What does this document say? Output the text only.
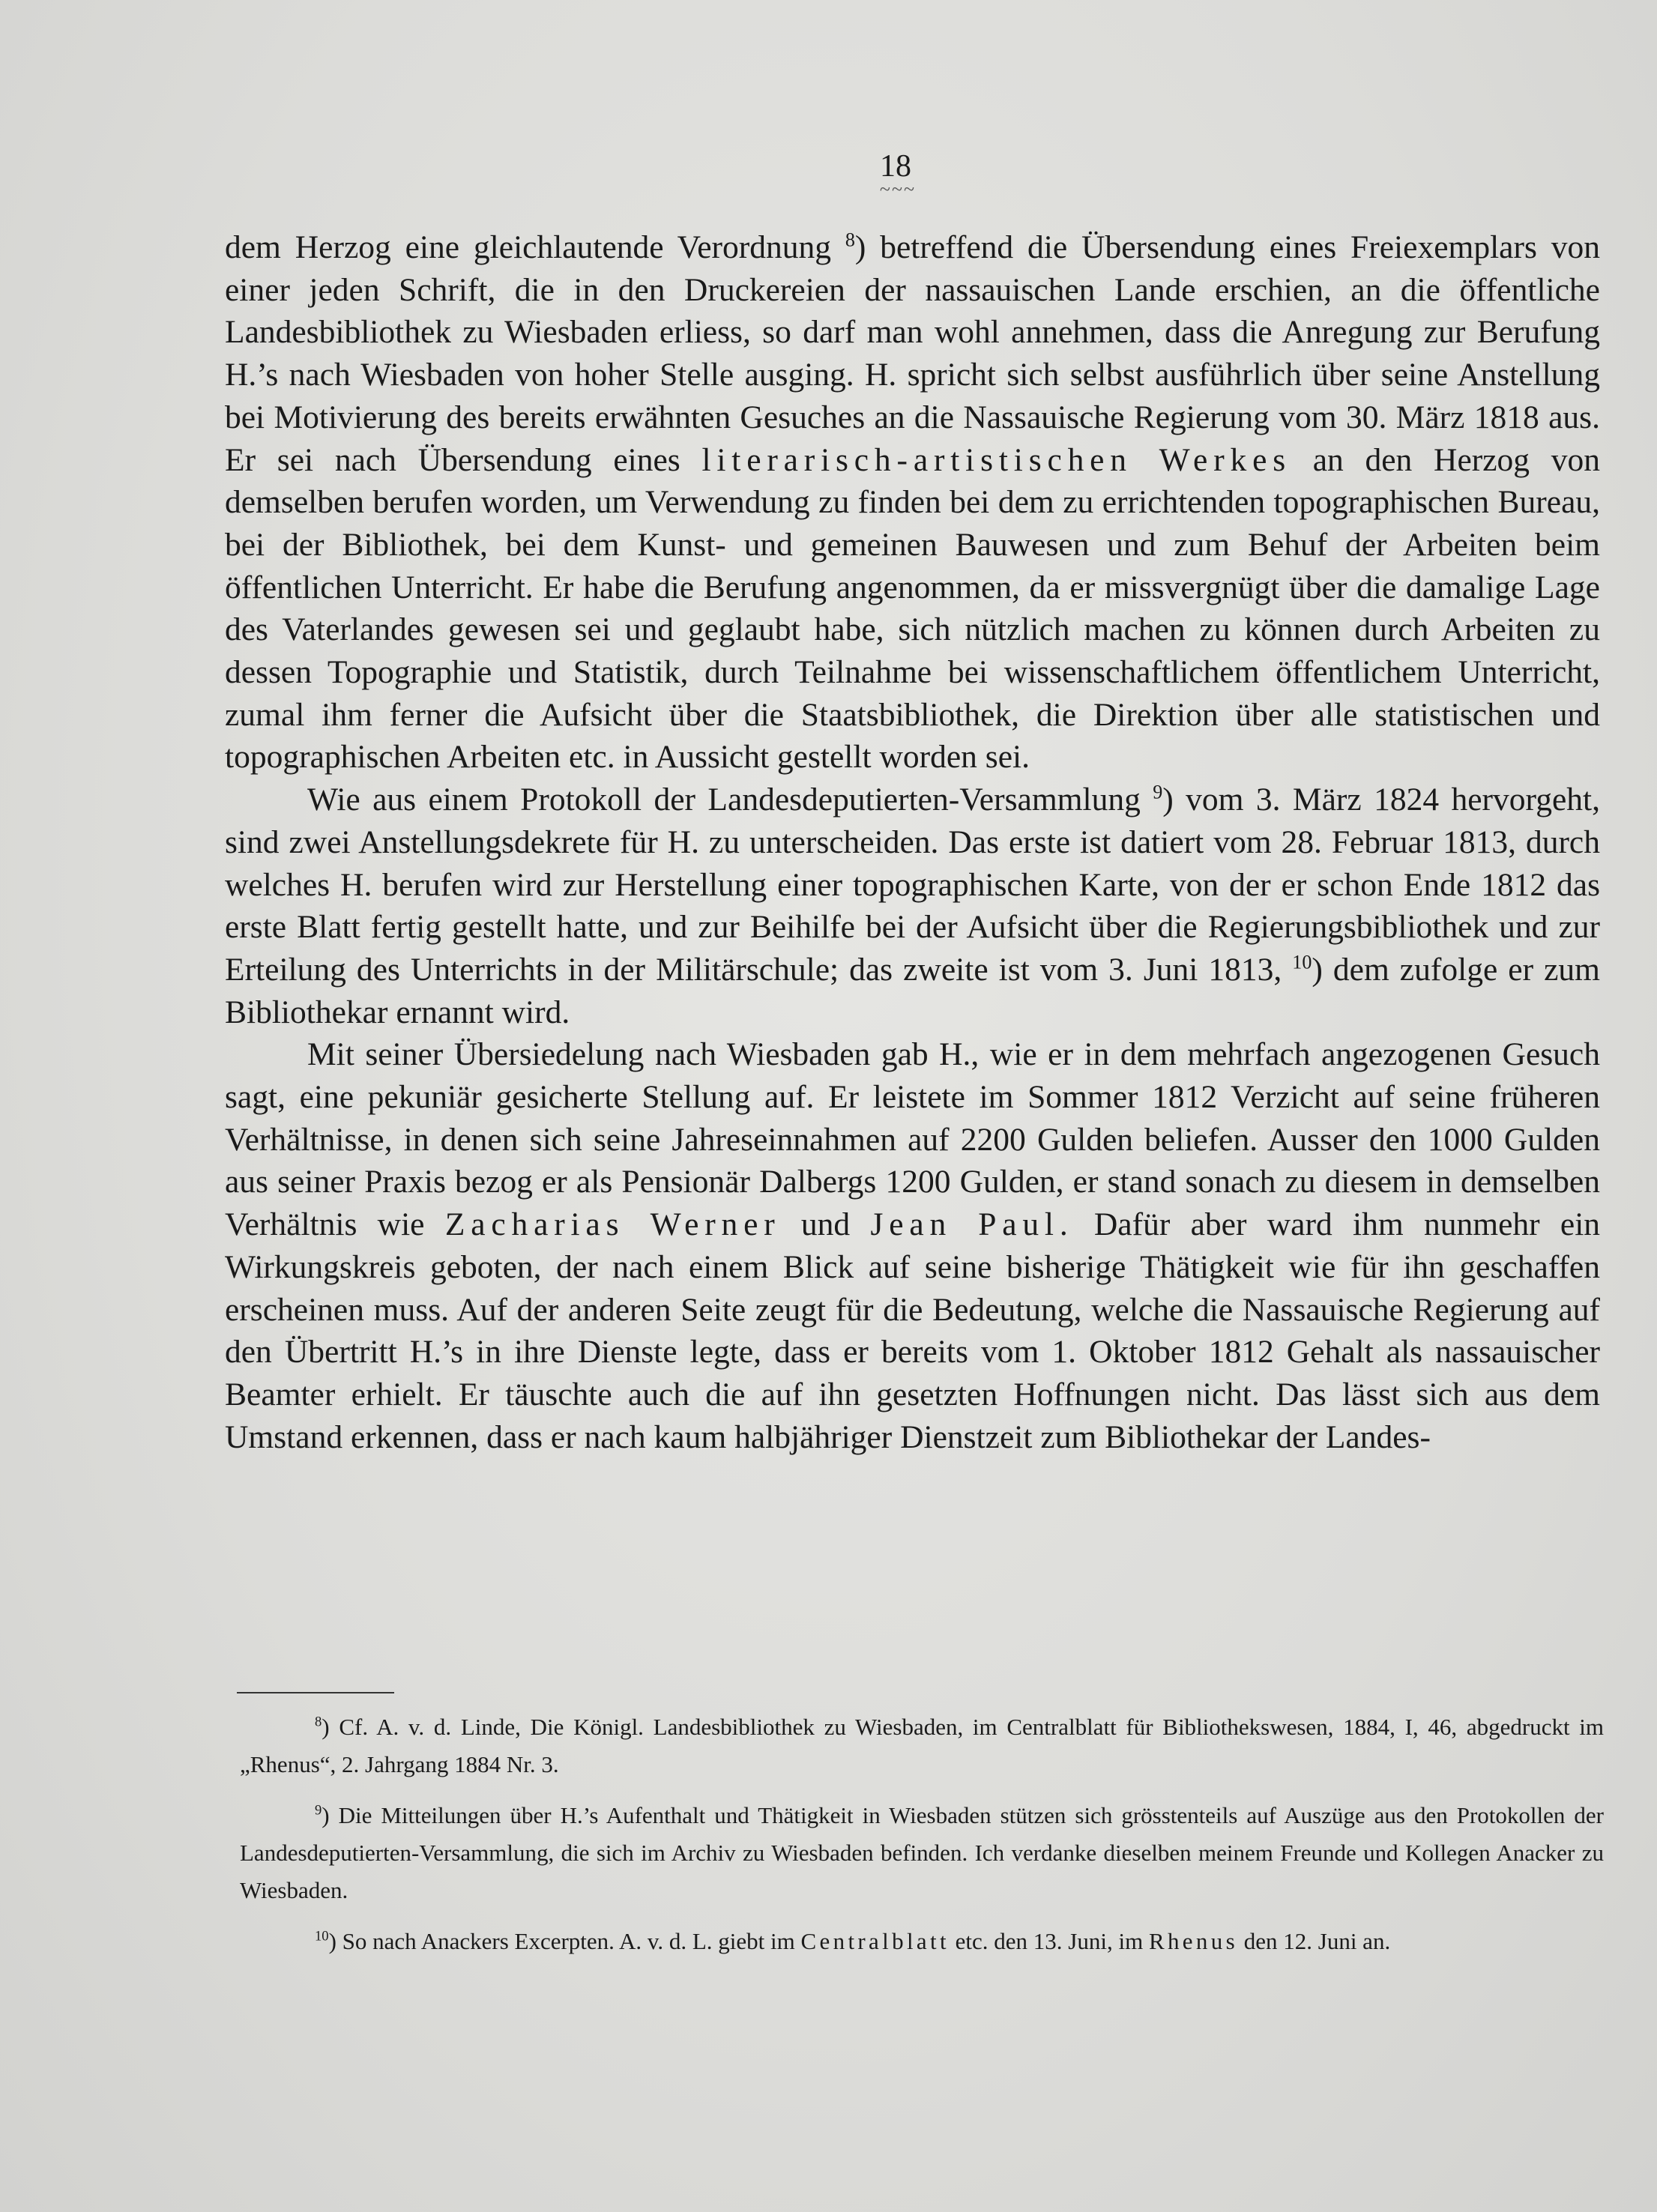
18
~~~

dem Herzog eine gleichlautende Verordnung $^8$) betreffend die Übersendung eines Freiexemplars von einer jeden Schrift, die in den Druckereien der nassauischen Lande erschien, an die öffentliche Landesbibliothek zu Wiesbaden erliess, so darf man wohl annehmen, dass die Anregung zur Berufung H.’s nach Wiesbaden von hoher Stelle ausging. H. spricht sich selbst ausführlich über seine Anstellung bei Motivierung des bereits erwähnten Gesuches an die Nassauische Regierung vom 30. März 1818 aus. Er sei nach Übersendung eines literarisch-artistischen Werkes an den Herzog von demselben berufen worden, um Verwendung zu finden bei dem zu errichtenden topographischen Bureau, bei der Bibliothek, bei dem Kunst- und gemeinen Bauwesen und zum Behuf der Arbeiten beim öffentlichen Unterricht. Er habe die Berufung angenommen, da er missvergnügt über die damalige Lage des Vaterlandes gewesen sei und geglaubt habe, sich nützlich machen zu können durch Arbeiten zu dessen Topographie und Statistik, durch Teilnahme bei wissenschaftlichem öffentlichem Unterricht, zumal ihm ferner die Aufsicht über die Staatsbibliothek, die Direktion über alle statistischen und topographischen Arbeiten etc. in Aussicht gestellt worden sei.

Wie aus einem Protokoll der Landesdeputierten-Versammlung $^9$) vom 3. März 1824 hervorgeht, sind zwei Anstellungsdekrete für H. zu unterscheiden. Das erste ist datiert vom 28. Februar 1813, durch welches H. berufen wird zur Herstellung einer topographischen Karte, von der er schon Ende 1812 das erste Blatt fertig gestellt hatte, und zur Beihilfe bei der Aufsicht über die Regierungsbibliothek und zur Erteilung des Unterrichts in der Militärschule; das zweite ist vom 3. Juni 1813, $^{10}$) dem zufolge er zum Bibliothekar ernannt wird.

Mit seiner Übersiedelung nach Wiesbaden gab H., wie er in dem mehrfach angezogenen Gesuch sagt, eine pekuniär gesicherte Stellung auf. Er leistete im Sommer 1812 Verzicht auf seine früheren Verhältnisse, in denen sich seine Jahreseinnahmen auf 2200 Gulden beliefen. Ausser den 1000 Gulden aus seiner Praxis bezog er als Pensionär Dalbergs 1200 Gulden, er stand sonach zu diesem in demselben Verhältnis wie Zacharias Werner und Jean Paul. Dafür aber ward ihm nunmehr ein Wirkungskreis geboten, der nach einem Blick auf seine bisherige Thätigkeit wie für ihn geschaffen erscheinen muss. Auf der anderen Seite zeugt für die Bedeutung, welche die Nassauische Regierung auf den Übertritt H.’s in ihre Dienste legte, dass er bereits vom 1. Oktober 1812 Gehalt als nassauischer Beamter erhielt. Er täuschte auch die auf ihn gesetzten Hoffnungen nicht. Das lässt sich aus dem Umstand erkennen, dass er nach kaum halbjähriger Dienstzeit zum Bibliothekar der Landes-

$^8$) Cf. A. v. d. Linde, Die Königl. Landesbibliothek zu Wiesbaden, im Centralblatt für Bibliothekswesen, 1884, I, 46, abgedruckt im „Rhenus“, 2. Jahrgang 1884 Nr. 3.

$^9$) Die Mitteilungen über H.’s Aufenthalt und Thätigkeit in Wiesbaden stützen sich grösstenteils auf Auszüge aus den Protokollen der Landesdeputierten-Versammlung, die sich im Archiv zu Wiesbaden befinden. Ich verdanke dieselben meinem Freunde und Kollegen Anacker zu Wiesbaden.

$^{10}$) So nach Anackers Excerpten. A. v. d. L. giebt im Centralblatt etc. den 13. Juni, im Rhenus den 12. Juni an.
